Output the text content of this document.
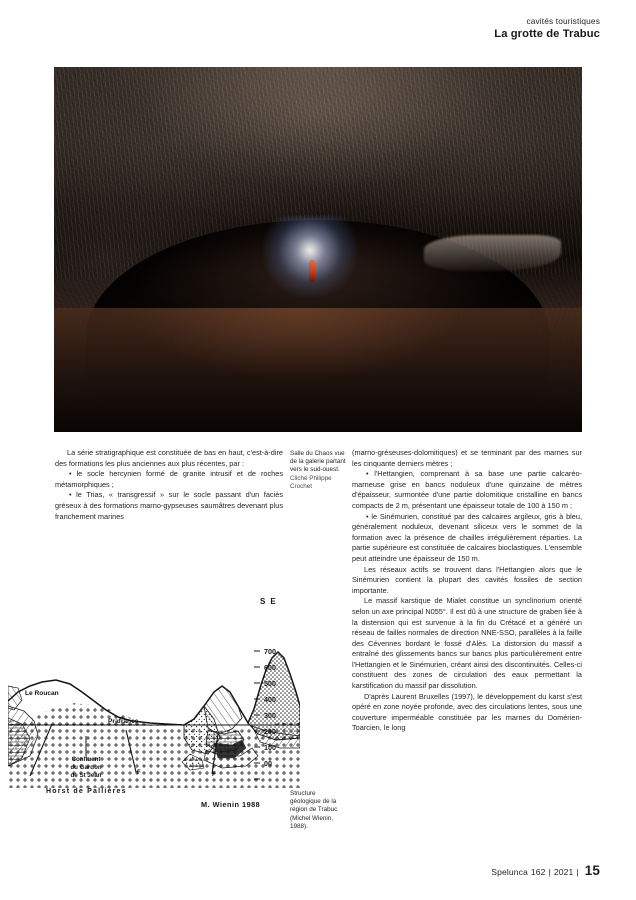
cavités touristiques
La grotte de Trabuc
Salle du Chaos vue de la galerie partant vers le sud-ouest. Cliché Philippe Crochet

La série stratigraphique est constituée de bas en haut, c'est-à-dire des formations les plus anciennes aux plus récentes, par :

• le socle hercynien formé de granite intrusif et de roches métamorphiques ;

• le Trias, « transgressif » sur le socle passant d'un faciès gréseux à des formations marno-gypseuses saumâtres devenant plus franchement marines

(marno-gréseuses-dolomitiques) et se terminant par des marnes sur les cinquante derniers mètres ;

• l'Hettangien, comprenant à sa base une partie calcaréo-marneuse grise en bancs noduleux d'une quinzaine de mètres d'épaisseur, surmontée d'une partie dolomitique cristalline en bancs compacts de 2 m, présentant une épaisseur totale de 100 à 150 m ;

• le Sinémurien, constitué par des calcaires argileux, gris à bleu, généralement noduleux, devenant siliceux vers le sommet de la formation avec la présence de chailles irrégulièrement réparties. La partie supérieure est constituée de calcaires bioclastiques. L'ensemble peut atteindre une épaisseur de 150 m.

Les réseaux actifs se trouvent dans l'Hettangien alors que le Sinémurien contient la plupart des cavités fossiles de section importante.

Le massif karstique de Mialet constitue un synclinorium orienté selon un axe principal N055°. Il est dû à une structure de graben liée à la distension qui est survenue à la fin du Crétacé et a généré un réseau de failles normales de direction NNE-SSO, parallèles à la faille des Cévennes bordant le fossé d'Alès. La distorsion du massif a entraîné des glissements bancs sur bancs plus particulièrement entre l'Hettangien et le Sinémurien, créant ainsi des discontinuités. Celles-ci constituent des zones de circulation des eaux permettant la karstification du massif par dissolution.

D'après Laurent Bruxelles (1997), le développement du karst s'est opéré en zone noyée profonde, avec des circulations lentes, sous une couverture imperméable constituée par les marnes du Domérien-Toarcien, le long

S E
700
600
500
400
300
200
100
00
Le Roucan
Prafrance
Confluent
du Gardon
de St Jean
Horst de Pallières
F	F
M. Wienin 1988
Structure géologique de la région de Trabuc (Michel Wienin, 1988).
Spelunca 162 | 2021 | 15
